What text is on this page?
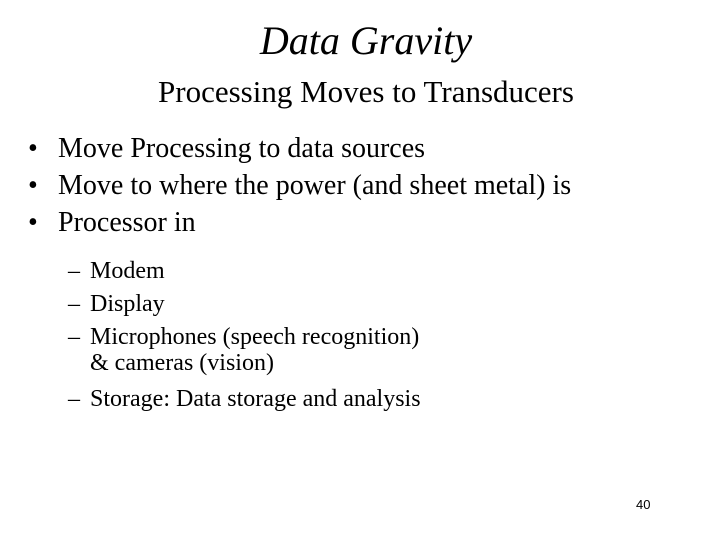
Data Gravity
Processing Moves to Transducers
• Move Processing to data sources
• Move to where the power (and sheet metal) is
• Processor in
– Modem
– Display
– Microphones (speech recognition)
& cameras (vision)
– Storage: Data storage and analysis
40
